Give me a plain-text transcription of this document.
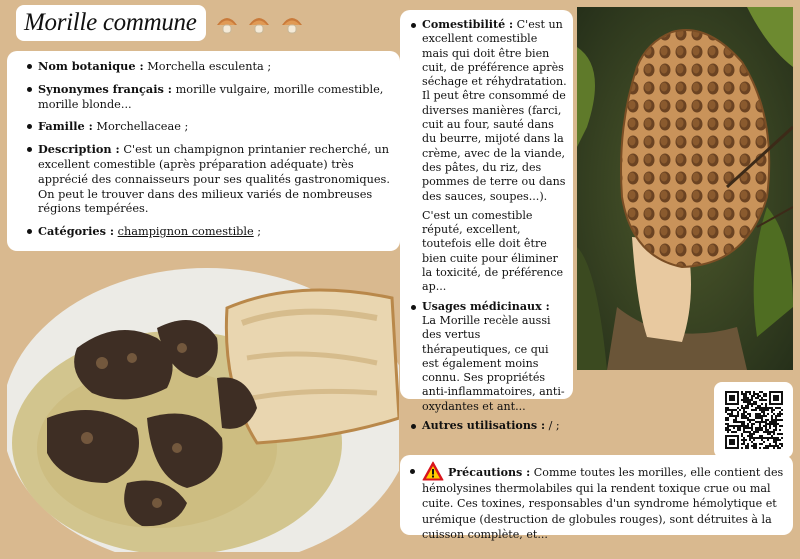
Morille commune
Nom botanique : Morchella esculenta ;
Synonymes français : morille vulgaire, morille comestible, morille blonde...
Famille : Morchellaceae ;
Description : C'est un champignon printanier recherché, un excellent comestible (après préparation adéquate) très apprécié des connaisseurs pour ses qualités gastronomiques. On peut le trouver dans des milieux variés de nombreuses régions tempérées.
Catégories : champignon comestible ;
Comestibilité : C'est un excellent comestible mais qui doit être bien cuit, de préférence après séchage et réhydratation. Il peut être consommé de diverses manières (farci, cuit au four, sauté dans du beurre, mijoté dans la crème, avec de la viande, des pâtes, du riz, des pommes de terre ou dans des sauces, soupes...).

C'est un comestible réputé, excellent, toutefois elle doit être bien cuite pour éliminer la toxicité, de préférence ap...

Usages médicinaux : La Morille recèle aussi des vertus thérapeutiques, ce qui est également moins connu. Ses propriétés anti-inflammatoires, anti-oxydantes et ant...
Autres utilisations : / ;
Précautions : Comme toutes les morilles, elle contient des hémolysines thermolabiles qui la rendent toxique crue ou mal cuite. Ces toxines, responsables d'un syndrome hémolytique et urémique (destruction de globules rouges), sont détruites à la cuisson complète, et...
